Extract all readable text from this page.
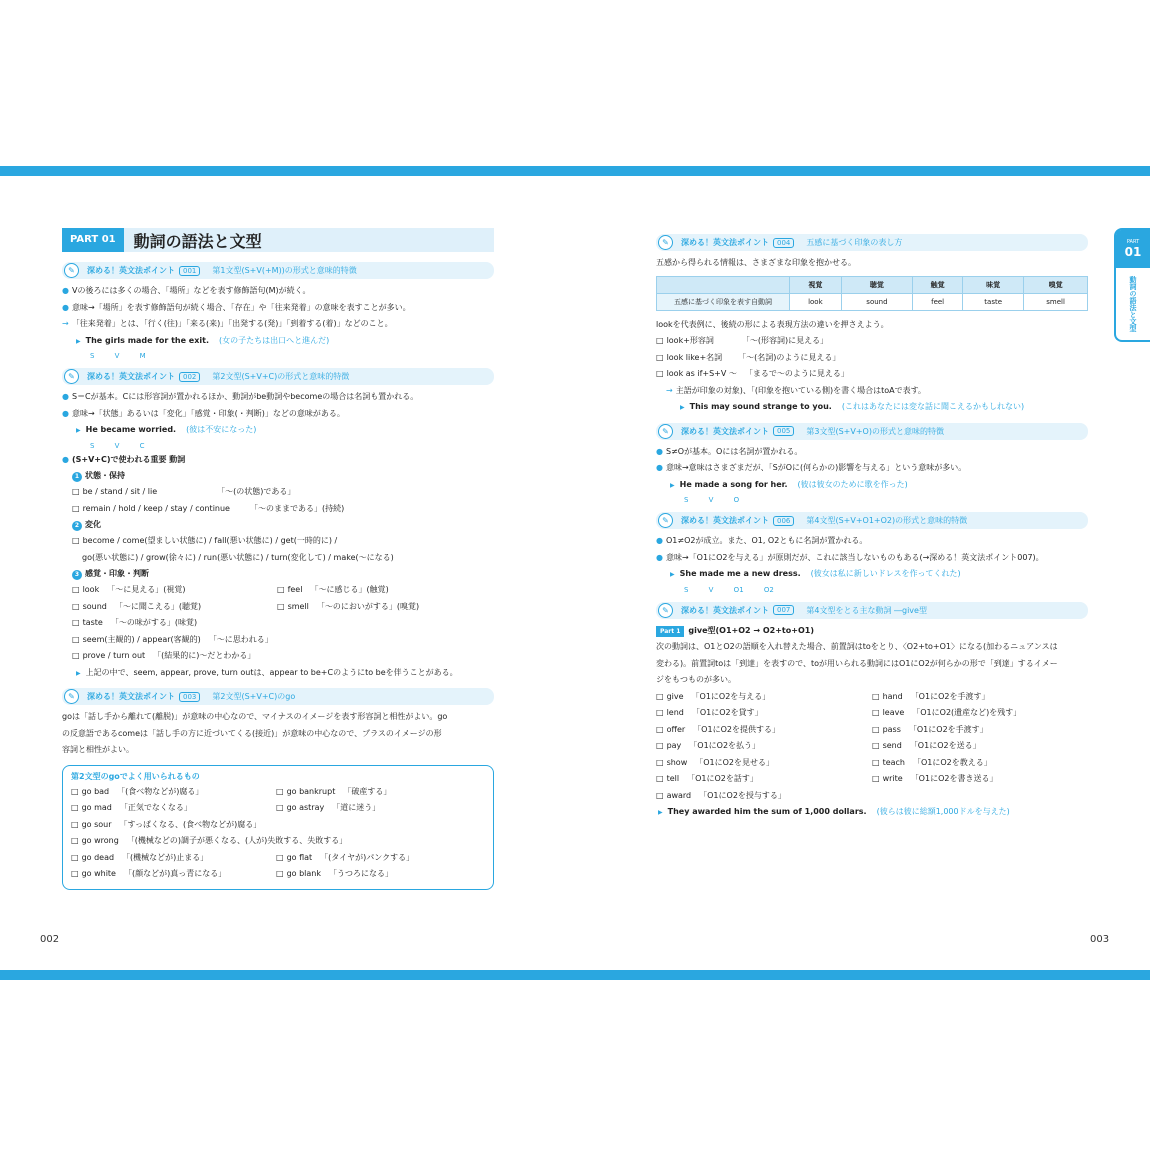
PART 01	動詞の語法と文型
✎	深める！英文法ポイント	001	第1文型(S+V(+M))の形式と意味的特徴
● Vの後ろには多くの場合、「場所」などを表す修飾語句(M)が続く。
● 意味→「場所」を表す修飾語句が続く場合、「存在」や「往来発着」の意味を表すことが多い。
→ 「往来発着」とは、「行く(往)」「来る(来)」「出発する(発)」「到着する(着)」などのこと。
▶ The girls made for the exit. (女の子たちは出口へと進んだ)
S V M
✎	深める！英文法ポイント	002	第2文型(S+V+C)の形式と意味的特徴
● S＝Cが基本。Cには形容詞が置かれるほか、動詞がbe動詞やbecomeの場合は名詞も置かれる。
● 意味→「状態」あるいは「変化」「感覚・印象(・判断)」などの意味がある。
▶ He became worried. (彼は不安になった)
S V C
● (S+V+C)で使われる重要 動詞
1 状態・保持
□ be / stand / sit / lie	「〜(の状態)である」
□ remain / hold / keep / stay / continue	「〜のままである」(持続)
2 変化
□ become / come(望ましい状態に) / fall(悪い状態に) / get(一時的に) /
go(悪い状態に) / grow(徐々に) / run(悪い状態に) / turn(変化して) / make(〜になる)
3 感覚・印象・判断
□ look 「〜に見える」(視覚)	□ feel 「〜に感じる」(触覚)
□ sound 「〜に聞こえる」(聴覚)	□ smell 「〜のにおいがする」(嗅覚)
□ taste 「〜の味がする」(味覚)
□ seem(主観的) / appear(客観的) 「〜に思われる」
□ prove / turn out 「(結果的に)〜だとわかる」
▶ 上記の中で、seem, appear, prove, turn outは、appear to be+Cのようにto beを伴うことがある。
✎	深める！英文法ポイント	003	第2文型(S+V+C)のgo
goは「話し手から離れて(離脱)」が意味の中心なので、マイナスのイメージを表す形容詞と相性がよい。go
の反意語であるcomeは「話し手の方に近づいてくる(接近)」が意味の中心なので、プラスのイメージの形
容詞と相性がよい。
第2文型のgoでよく用いられるもの
□ go bad 「(食べ物などが)腐る」	□ go bankrupt 「破産する」
□ go mad 「正気でなくなる」	□ go astray 「道に迷う」
□ go sour 「すっぱくなる、(食べ物などが)腐る」
□ go wrong 「(機械などの)調子が悪くなる、(人が)失敗する、失敗する」
□ go dead 「(機械などが)止まる」	□ go flat 「(タイヤが)パンクする」
□ go white 「(顔などが)真っ青になる」	□ go blank 「うつろになる」
✎	深める！英文法ポイント	004	五感に基づく印象の表し方
五感から得られる情報は、さまざまな印象を抱かせる。
	視覚	聴覚	触覚	味覚	嗅覚
五感に基づく印象を表す自動詞	look	sound	feel	taste	smell
lookを代表例に、後続の形による表現方法の違いを押さえよう。
□ look+形容詞	「〜(形容詞)に見える」
□ look like+名詞 「〜(名詞)のように見える」
□ look as if+S+V 〜 「まるで〜のように見える」
→ 主語が印象の対象)、「(印象を抱いている側)を書く場合はtoAで表す。
▶ This may sound strange to you. (これはあなたには変な話に聞こえるかもしれない)
✎	深める！英文法ポイント	005	第3文型(S+V+O)の形式と意味的特徴
● S≠Oが基本。Oには名詞が置かれる。
● 意味→意味はさまざまだが、「SがOに(何らかの)影響を与える」という意味が多い。
▶ He made a song for her. (彼は彼女のために歌を作った)
S V O
✎	深める！英文法ポイント	006	第4文型(S+V+O1+O2)の形式と意味的特徴
● O1≠O2が成立。また、O1, O2ともに名詞が置かれる。
● 意味→「O1にO2を与える」が原則だが、これに該当しないものもある(→深める！英文法ポイント007)。
▶ She made me a new dress. (彼女は私に新しいドレスを作ってくれた)
S V O1 O2
✎	深める！英文法ポイント	007	第4文型をとる主な動詞 ―give型
Part 1 give型(O1+O2 → O2+to+O1)
次の動詞は、O1とO2の語順を入れ替えた場合、前置詞はtoをとり、〈O2+to+O1〉になる(加わるニュアンスは
変わる)。前置詞toは「到達」を表すので、toが用いられる動詞にはO1にO2が何らかの形で「到達」するイメー
ジをもつものが多い。
□ give 「O1にO2を与える」	□ hand 「O1にO2を手渡す」
□ lend 「O1にO2を貸す」	□ leave 「O1にO2(遺産など)を残す」
□ offer 「O1にO2を提供する」	□ pass 「O1にO2を手渡す」
□ pay 「O1にO2を払う」	□ send 「O1にO2を送る」
□ show 「O1にO2を見せる」	□ teach 「O1にO2を教える」
□ tell 「O1にO2を話す」	□ write 「O1にO2を書き送る」
□ award 「O1にO2を授与する」
▶ They awarded him the sum of 1,000 dollars. (彼らは彼に総額1,000ドルを与えた)
002	003
PART
01
動詞の語法と文型
